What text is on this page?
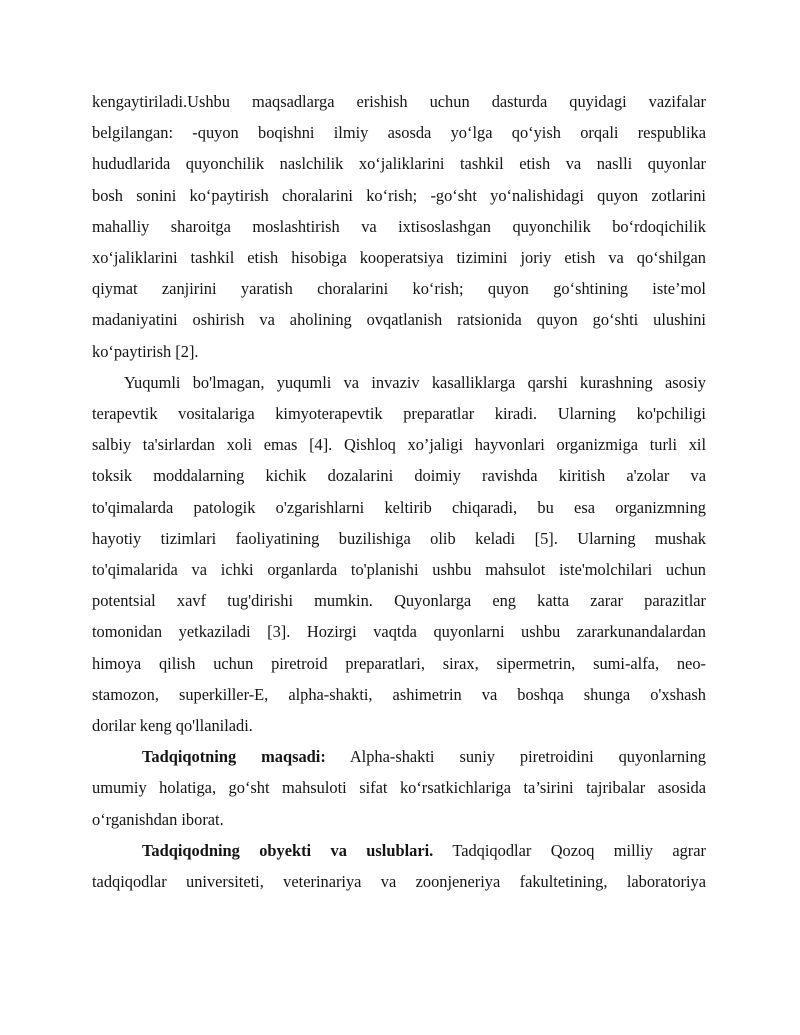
kengaytiriladi.Ushbu maqsadlarga erishish uchun dasturda quyidagi vazifalar
belgilangan: -quyon boqishni ilmiy asosda yo‘lga qo‘yish orqali respublika
hududlarida quyonchilik naslchilik xo‘jaliklarini tashkil etish va naslli quyonlar
bosh sonini ko‘paytirish choralarini ko‘rish; -go‘sht yo‘nalishidagi quyon zotlarini
mahalliy sharoitga moslashtirish va ixtisoslashgan quyonchilik bo‘rdoqichilik
xo‘jaliklarini tashkil etish hisobiga kooperatsiya tizimini joriy etish va qo‘shilgan
qiymat zanjirini yaratish choralarini ko‘rish; quyon go‘shtining iste’mol
madaniyatini oshirish va aholining ovqatlanish ratsionida quyon go‘shti ulushini
ko‘paytirish [2].
Yuqumli bo'lmagan, yuqumli va invaziv kasalliklarga qarshi kurashning asosiy
terapevtik vositalariga kimyoterapevtik preparatlar kiradi. Ularning ko'pchiligi
salbiy ta'sirlardan xoli emas [4]. Qishloq xo’jaligi hayvonlari organizmiga turli xil
toksik moddalarning kichik dozalarini doimiy ravishda kiritish a'zolar va
to'qimalarda patologik o'zgarishlarni keltirib chiqaradi, bu esa organizmning
hayotiy tizimlari faoliyatining buzilishiga olib keladi [5]. Ularning mushak
to'qimalarida va ichki organlarda to'planishi ushbu mahsulot iste'molchilari uchun
potentsial xavf tug'dirishi mumkin. Quyonlarga eng katta zarar parazitlar
tomonidan yetkaziladi [3]. Hozirgi vaqtda quyonlarni ushbu zararkunandalardan
himoya qilish uchun piretroid preparatlari, sirax, sipermetrin, sumi-alfa, neo-
stamozon, superkiller-E, alpha-shakti, ashimetrin va boshqa shunga o'xshash
dorilar keng qo'llaniladi.
Tadqiqotning maqsadi: Alpha-shakti suniy piretroidini quyonlarning
umumiy holatiga, go‘sht mahsuloti sifat ko‘rsatkichlariga ta’sirini tajribalar asosida
o‘rganishdan iborat.
Tadqiqodning obyekti va uslublari. Tadqiqodlar Qozoq milliy agrar
tadqiqodlar universiteti, veterinariya va zoonjeneriya fakultetining, laboratoriya
